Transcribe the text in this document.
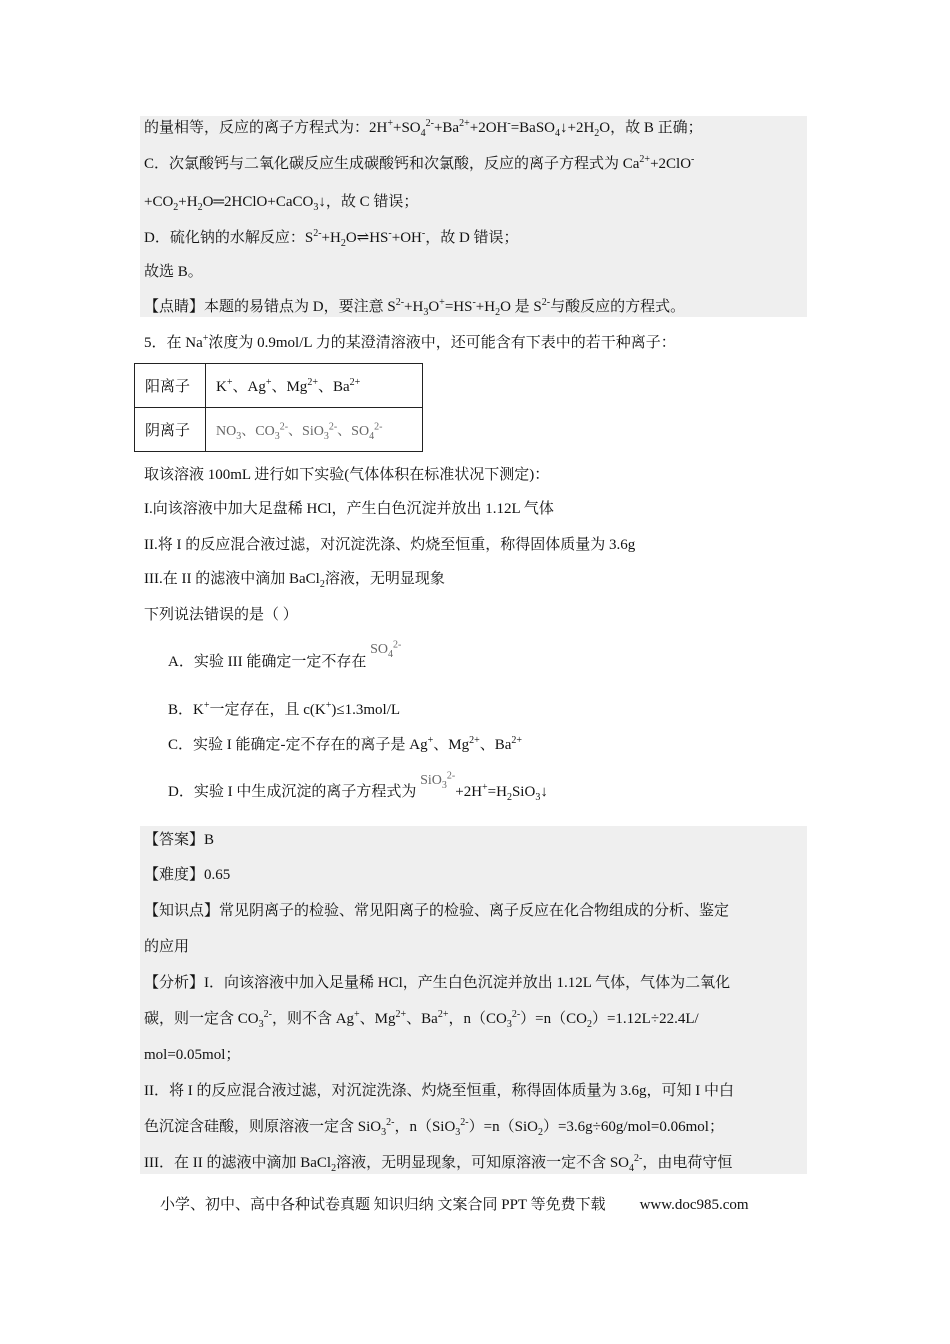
的量相等，反应的离子方程式为：$2H^++SO_4^{2-}+Ba^{2+}+2OH^-=BaSO_4↓+2H_2O$，故 B 正确；
C．次氯酸钙与二氧化碳反应生成碳酸钙和次氯酸，反应的离子方程式为 $Ca^{2+}+2ClO^-$
$+CO_2+H_2O═2HClO+CaCO_3↓$，故 C 错误；
D．硫化钠的水解反应：$S^{2-}+H_2O\rightleftharpoons HS^-+OH^-$，故 D 错误；
故选 B。
【点睛】本题的易错点为 D，要注意 $S^{2-}+H_3O^+=HS^-+H_2O$ 是 $S^{2-}$与酸反应的方程式。
5．在 Na+浓度为 0.9mol/L 力的某澄清溶液中，还可能含有下表中的若干种离子：
阳离子	K+、Ag+、$Mg^{2+}$、$Ba^{2+}$
阴离子	$NO_3$、$CO_3^{2-}$、SiO$_3^{2-}$、$SO_4^{2-}$
取该溶液 100mL 进行如下实验(气体体积在标准状况下测定)：
I.向该溶液中加大足盘稀 HCl，产生白色沉淀并放出 1.12L 气体
II.将 I 的反应混合液过滤，对沉淀洗涤、灼烧至恒重，称得固体质量为 3.6g
III.在 II 的滤液中滴加 BaCl$_2$溶液，无明显现象
下列说法错误的是（ ）
A．实验 III 能确定一定不存在 $SO_4^{2-}$
B．K+一定存在，且 c(K+)≤1.3mol/L
C．实验 I 能确定-定不存在的离子是 Ag+、$Mg^{2+}$、$Ba^{2+}$
D．实验 I 中生成沉淀的离子方程式为 $SiO_3^{2-}+2H^+=H_2SiO_3↓$
【答案】B
【难度】0.65
【知识点】常见阴离子的检验、常见阳离子的检验、离子反应在化合物组成的分析、鉴定
的应用
【分析】I．向该溶液中加入足量稀 HCl，产生白色沉淀并放出 1.12L 气体，气体为二氧化
碳，则一定含 $CO_3^{2-}$，则不含 Ag+、$Mg^{2+}$、$Ba^{2+}$，$n(CO_3^{2-})=n(CO_2)=1.12L\div 22.4L/$
mol=0.05mol；
II．将 I 的反应混合液过滤，对沉淀洗涤、灼烧至恒重，称得固体质量为 3.6g，可知 I 中白
色沉淀含硅酸，则原溶液一定含 SiO$_3^{2-}$，n（SiO$_3^{2-}$）=n（SiO$_2$）=3.6g÷60g/mol=0.06mol；
III．在 II 的滤液中滴加 BaCl$_2$溶液，无明显现象，可知原溶液一定不含 $SO_4^{2-}$，由电荷守恒
小学、初中、高中各种试卷真题 知识归纳 文案合同 PPT 等免费下载 www.doc985.com
